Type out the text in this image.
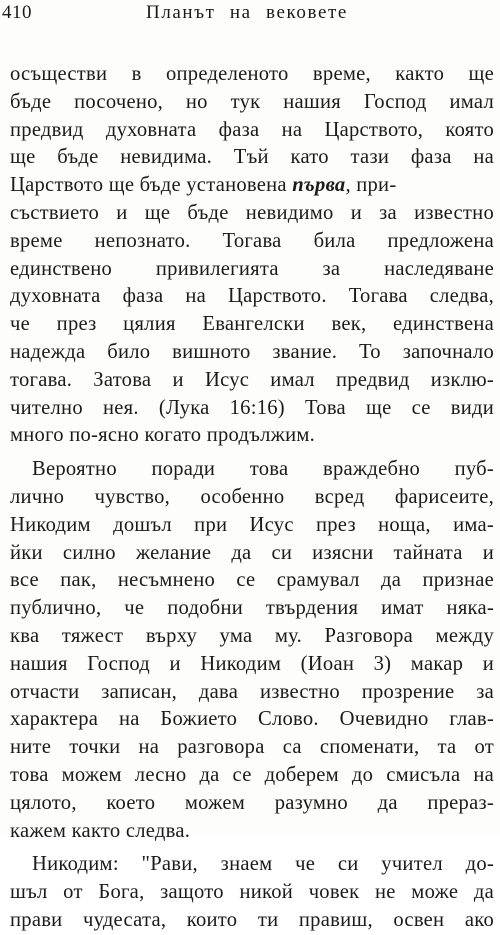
410	Планът на вековете
осъществи в определеното време, както ще
бъде посочено, но тук нашия Господ имал
предвид духовната фаза на Царството, която
ще бъде невидима. Тъй като тази фаза на
Царството ще бъде установена първа, при-
съствието и ще бъде невидимо и за известно
време непознато. Тогава била предложена
единствено привилегията за наследяване
духовната фаза на Царството. Тогава следва,
че през цялия Евангелски век, единствена
надежда било вишното звание. То започнало
тогава. Затова и Исус имал предвид изклю-
чително нея. (Лука 16:16) Това ще се види
много по-ясно когато продължим.
Вероятно поради това враждебно пуб-
лично чувство, особенно всред фарисеите,
Никодим дошъл при Исус през ноща, има-
йки силно желание да си изясни тайната и
все пак, несъмнено се срамувал да признае
публично, че подобни твърдения имат няка-
ква тяжест върху ума му. Разговора между
нашия Господ и Никодим (Иоан 3) макар и
отчасти записан, дава известно прозрение за
характера на Божието Слово. Очевидно глав-
ните точки на разговора са споменати, та от
това можем лесно да се доберем до смисъла на
цялото, което можем разумно да прераз-
кажем както следва.
Никодим: "Рави, знаем че си учител до-
шъл от Бога, защото никой човек не може да
прави чудесата, които ти правиш, освен ако
